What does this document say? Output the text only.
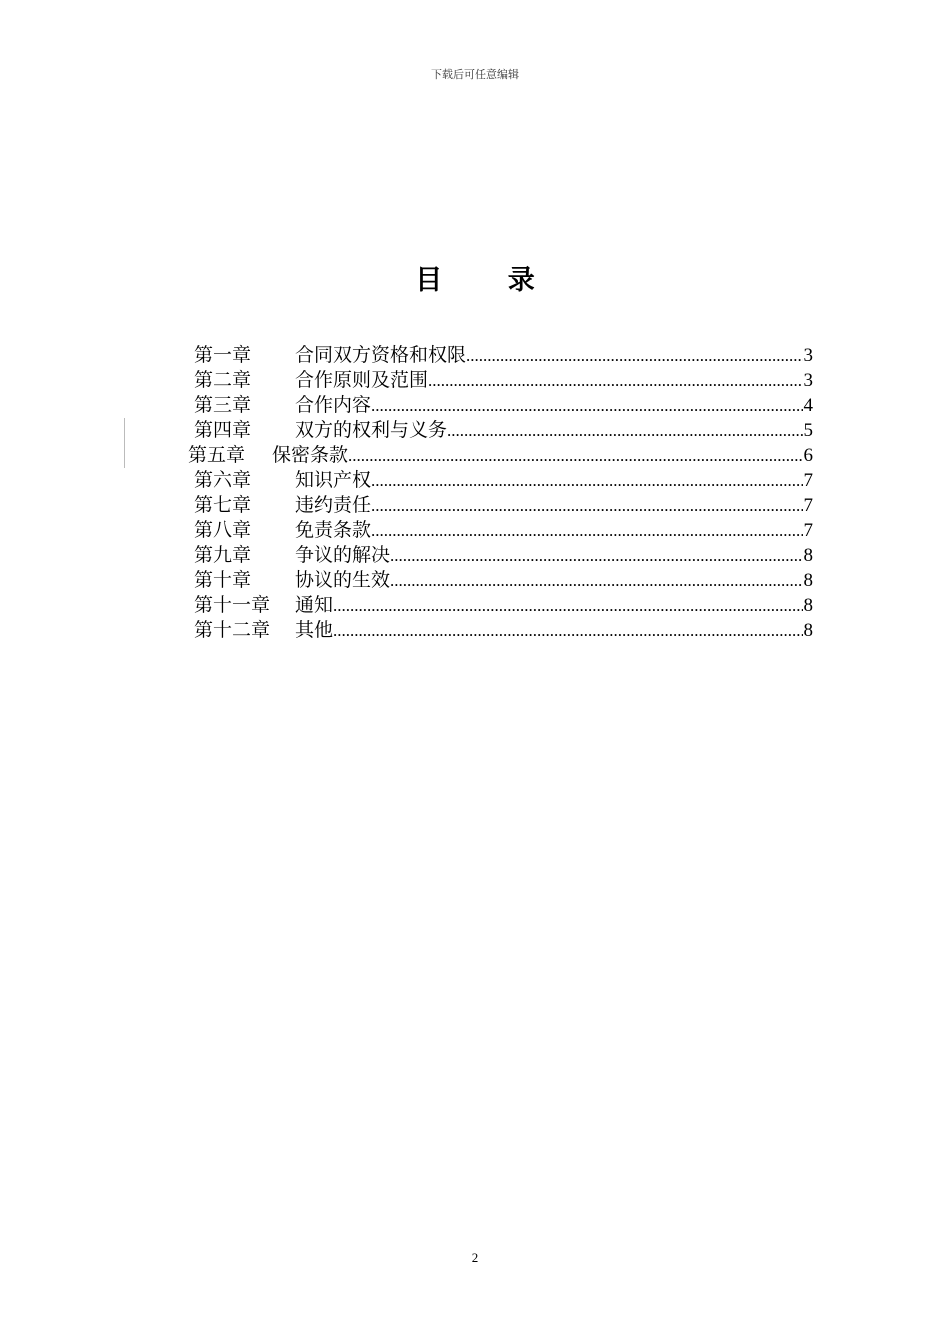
下载后可任意编辑
目 录
第一章	合同双方资格和权限 .....	3
第二章	合作原则及范围 .....	3
第三章	合作内容 .....	4
第四章	双方的权利与义务 .....	5
第五章	保密条款 .....	6
第六章	知识产权 .....	7
第七章	违约责任 .....	7
第八章	免责条款 .....	7
第九章	争议的解决 .....	8
第十章	协议的生效 .....	8
第十一章	通知 .....	8
第十二章	其他 .....	8
2
